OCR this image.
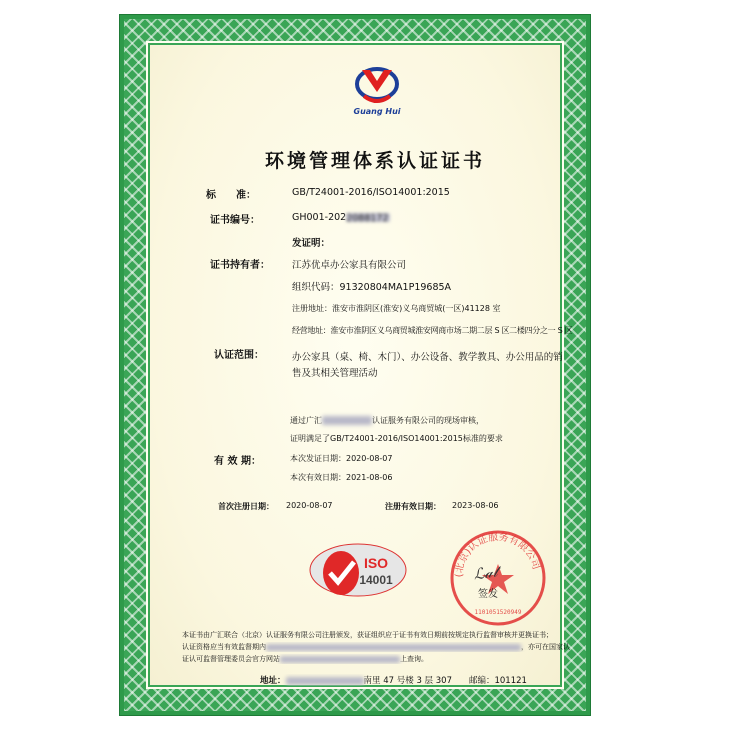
Guang Hui
环境管理体系认证证书
标　　准：	GB/T24001-2016/ISO14001:2015
证书编号：	GH001-2022088172
发证明：
证书持有者： 江苏优卓办公家具有限公司
组织代码：91320804MA1P19685A
注册地址：淮安市淮阴区(淮安)义乌商贸城(一区)41128 室
经营地址：淮安市淮阴区义乌商贸城淮安网商市场二期二层 S 区二楼四分之一 S 区
认证范围：	办公家具（桌、椅、木门）、办公设备、教学教具、办公用品的销
售及其相关管理活动
通过广汇	认证服务有限公司的现场审核，
证明满足了GB/T24001-2016/ISO14001:2015标准的要求
有 效 期：	本次发证日期：2020-08-07
本次有效日期：2021-08-06
首次注册日期： 2020-08-07	注册有效日期： 2023-08-06
ISO
14001	(北京)认证服务有限公司
1101051520949
ℒ𝒶𝓉
签发
本证书由广汇联合（北京）认证服务有限公司注册颁发，获证组织应于证书有效日期前按规定执行监督审核并更换证书；
认证资格应当有效监督期内	，亦可在国家认
证认可监督管理委员会官方网站	上查询。
地址：	南里 47 号楼 3 层 307　　邮编：101121
